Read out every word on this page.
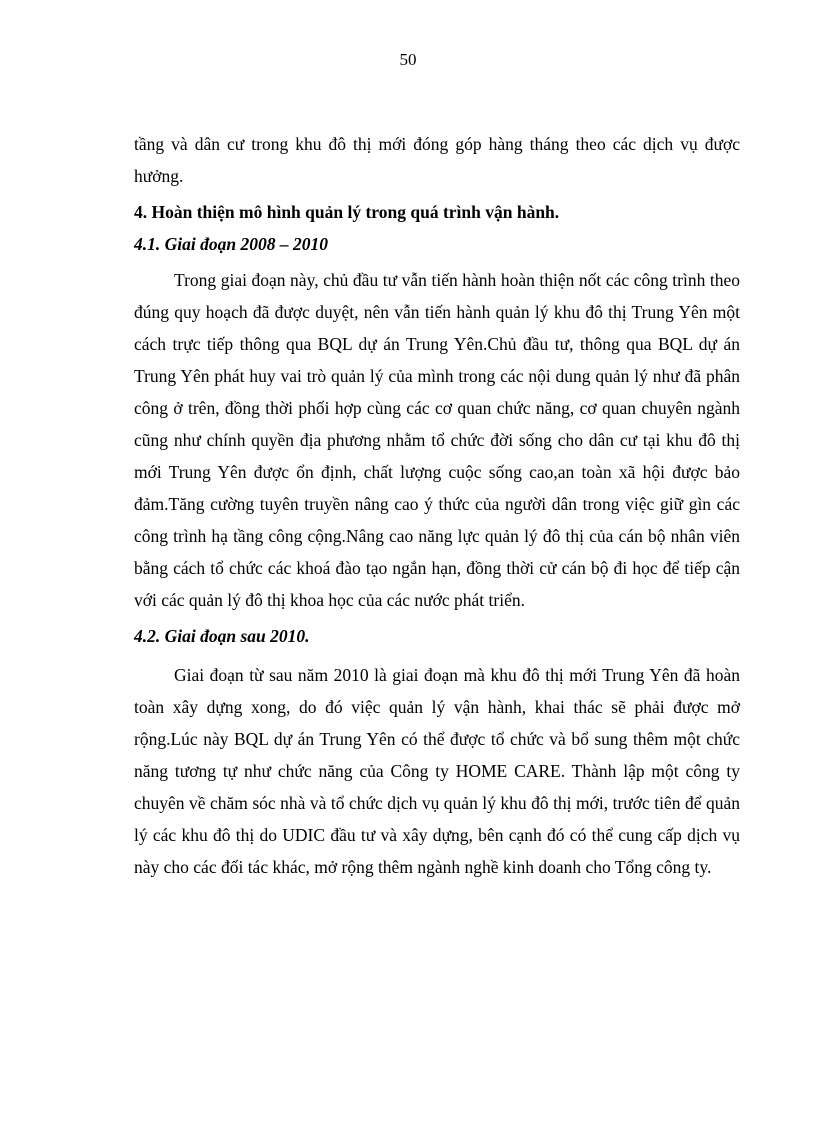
50

tầng và dân cư trong khu đô thị mới đóng góp hàng tháng theo các dịch vụ được hưởng.

4. Hoàn thiện mô hình quản lý trong quá trình vận hành.

4.1. Giai đoạn 2008 – 2010

Trong giai đoạn này, chủ đầu tư vẫn tiến hành hoàn thiện nốt các công trình theo đúng quy hoạch đã được duyệt, nên vẫn tiến hành quản lý khu đô thị Trung Yên một cách trực tiếp thông qua BQL dự án Trung Yên.Chủ đầu tư, thông qua BQL dự án Trung Yên phát huy vai trò quản lý của mình trong các nội dung quản lý như đã phân công ở trên, đồng thời phối hợp cùng các cơ quan chức năng, cơ quan chuyên ngành cũng như chính quyền địa phương nhằm tổ chức đời sống cho dân cư tại khu đô thị mới Trung Yên được ổn định, chất lượng cuộc sống cao,an toàn xã hội được bảo đảm.Tăng cường tuyên truyền nâng cao ý thức của người dân trong việc giữ gìn các công trình hạ tầng công cộng.Nâng cao năng lực quản lý đô thị của cán bộ nhân viên bằng cách tổ chức các khoá đào tạo ngắn hạn, đồng thời cử cán bộ đi học để tiếp cận với các quản lý đô thị khoa học của các nước phát triển.

4.2. Giai đoạn sau 2010.

Giai đoạn từ sau năm 2010 là giai đoạn mà khu đô thị mới Trung Yên đã hoàn toàn xây dựng xong, do đó việc quản lý vận hành, khai thác sẽ phải được mở rộng.Lúc này BQL dự án Trung Yên có thể được tổ chức và bổ sung thêm một chức năng tương tự như chức năng của Công ty HOME CARE. Thành lập một công ty chuyên về chăm sóc nhà và tổ chức dịch vụ quản lý khu đô thị mới, trước tiên để quản lý các khu đô thị do UDIC đầu tư và xây dựng, bên cạnh đó có thể cung cấp dịch vụ này cho các đối tác khác, mở rộng thêm ngành nghề kinh doanh cho Tổng công ty.
